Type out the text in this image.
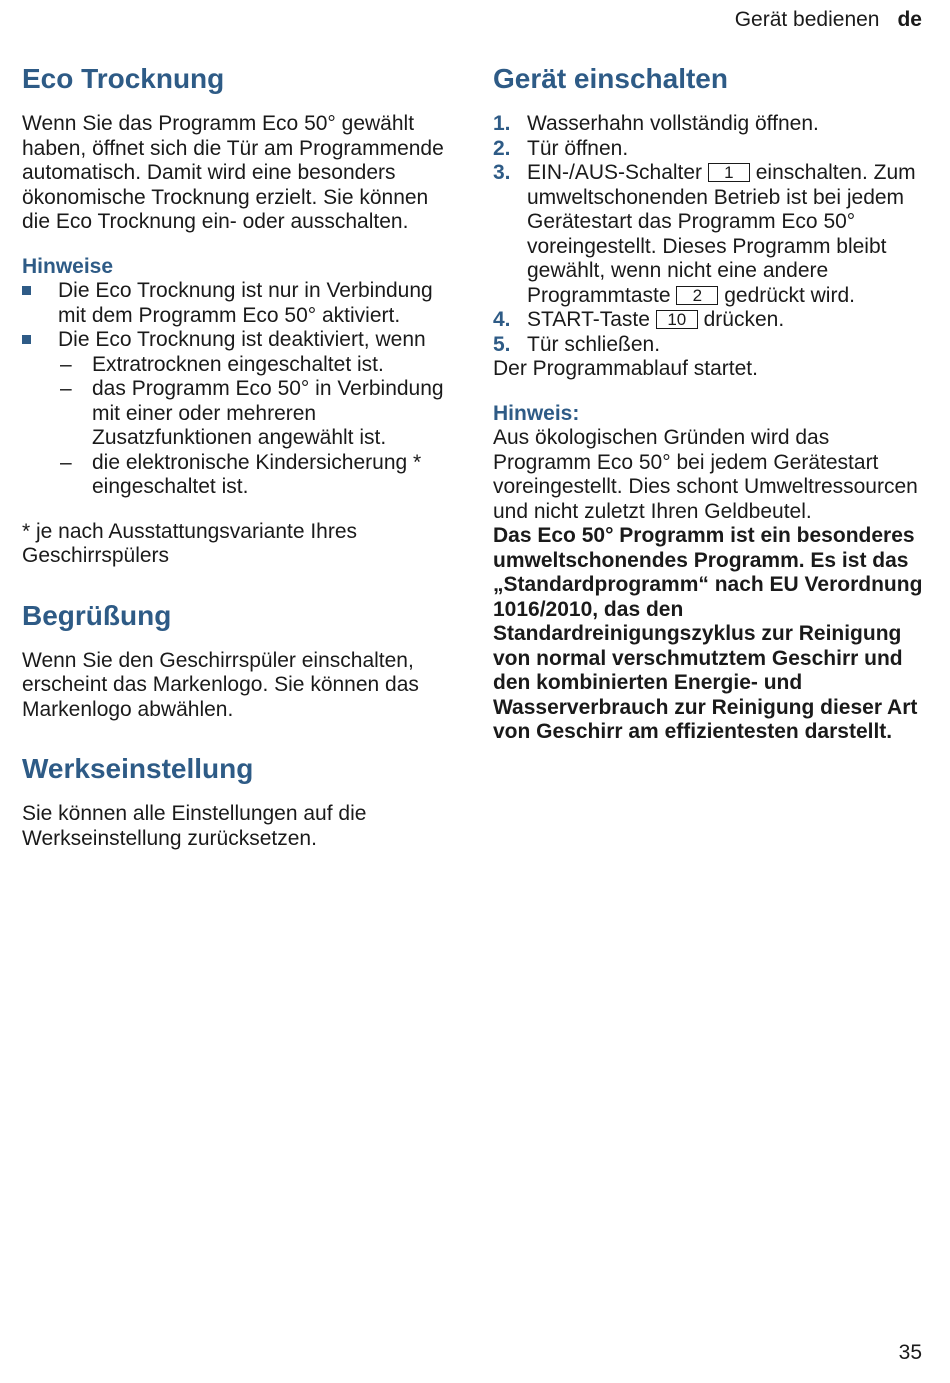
Gerät bedienen de
Eco Trocknung

Wenn Sie das Programm Eco 50° gewählt haben, öffnet sich die Tür am Programmende automatisch. Damit wird eine besonders ökonomische Trocknung erzielt. Sie können die Eco Trocknung ein- oder ausschalten.

Hinweise
Die Eco Trocknung ist nur in Verbindung mit dem Programm Eco 50° aktiviert.
Die Eco Trocknung ist deaktiviert, wenn
– Extratrocknen eingeschaltet ist.
– das Programm Eco 50° in Verbindung mit einer oder mehreren Zusatzfunktionen angewählt ist.
– die elektronische Kindersicherung * eingeschaltet ist.

* je nach Ausstattungsvariante Ihres Geschirrspülers

Begrüßung

Wenn Sie den Geschirrspüler einschalten, erscheint das Markenlogo. Sie können das Markenlogo abwählen.

Werkseinstellung

Sie können alle Einstellungen auf die Werkseinstellung zurücksetzen.

Gerät einschalten
1. Wasserhahn vollständig öffnen.
2. Tür öffnen.
3. EIN-/AUS-Schalter 1 einschalten. Zum umweltschonenden Betrieb ist bei jedem Gerätestart das Programm Eco 50° voreingestellt. Dieses Programm bleibt gewählt, wenn nicht eine andere Programmtaste 2 gedrückt wird.
4. START-Taste 10 drücken.
5. Tür schließen.

Der Programmablauf startet.

Hinweis:

Aus ökologischen Gründen wird das Programm Eco 50° bei jedem Gerätestart voreingestellt. Dies schont Umweltressourcen und nicht zuletzt Ihren Geldbeutel.

Das Eco 50° Programm ist ein besonderes umweltschonendes Programm. Es ist das „Standardprogramm“ nach EU Verordnung 1016/2010, das den Standardreinigungszyklus zur Reinigung von normal verschmutztem Geschirr und den kombinierten Energie- und Wasserverbrauch zur Reinigung dieser Art von Geschirr am effizientesten darstellt.

35
